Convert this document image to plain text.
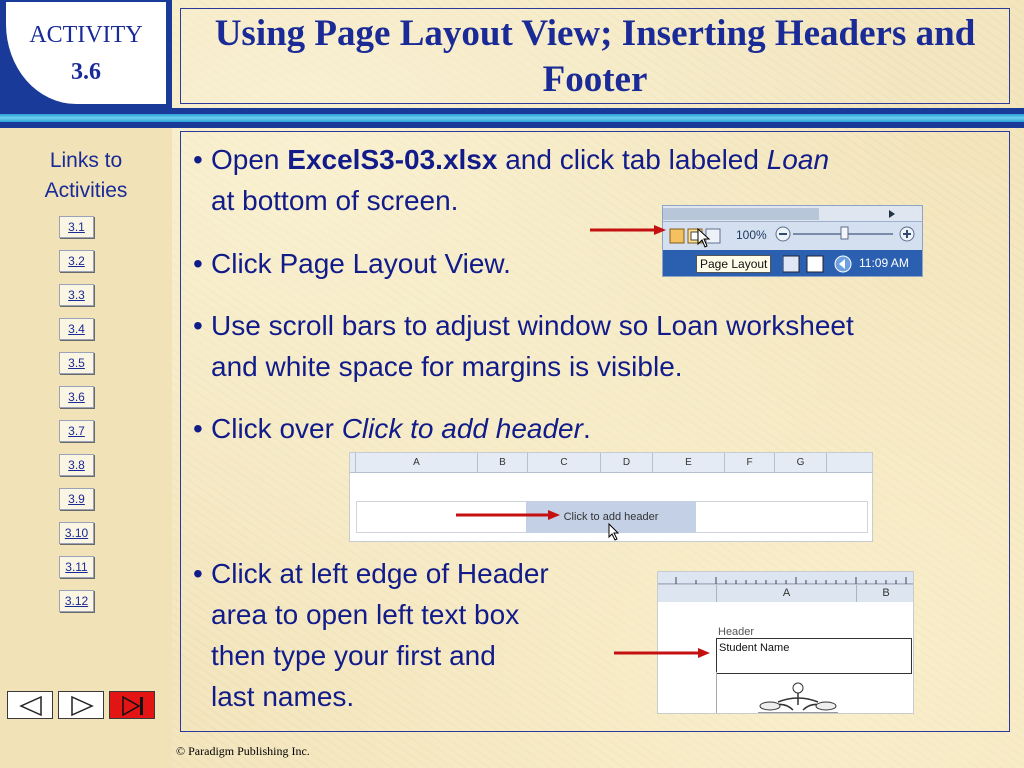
ACTIVITY
3.6
Links to
Activities
3.1
3.2
3.3
3.4
3.5
3.6
3.7
3.8
3.9
3.10
3.11
3.12
Using Page Layout View; Inserting Headers and Footer
• Open ExcelS3-03.xlsx and click tab labeled Loan
at bottom of screen.
• Click Page Layout View.
• Use scroll bars to adjust window so Loan worksheet
and white space for margins is visible.
• Click over Click to add header.
• Click at left edge of Header
area to open left text box
then type your first and
last names.
100%
Page Layout	11:09 AM
A	B	C	D	E	F	G
Click to add header
A	B
Header
Student Name
© Paradigm Publishing Inc.
